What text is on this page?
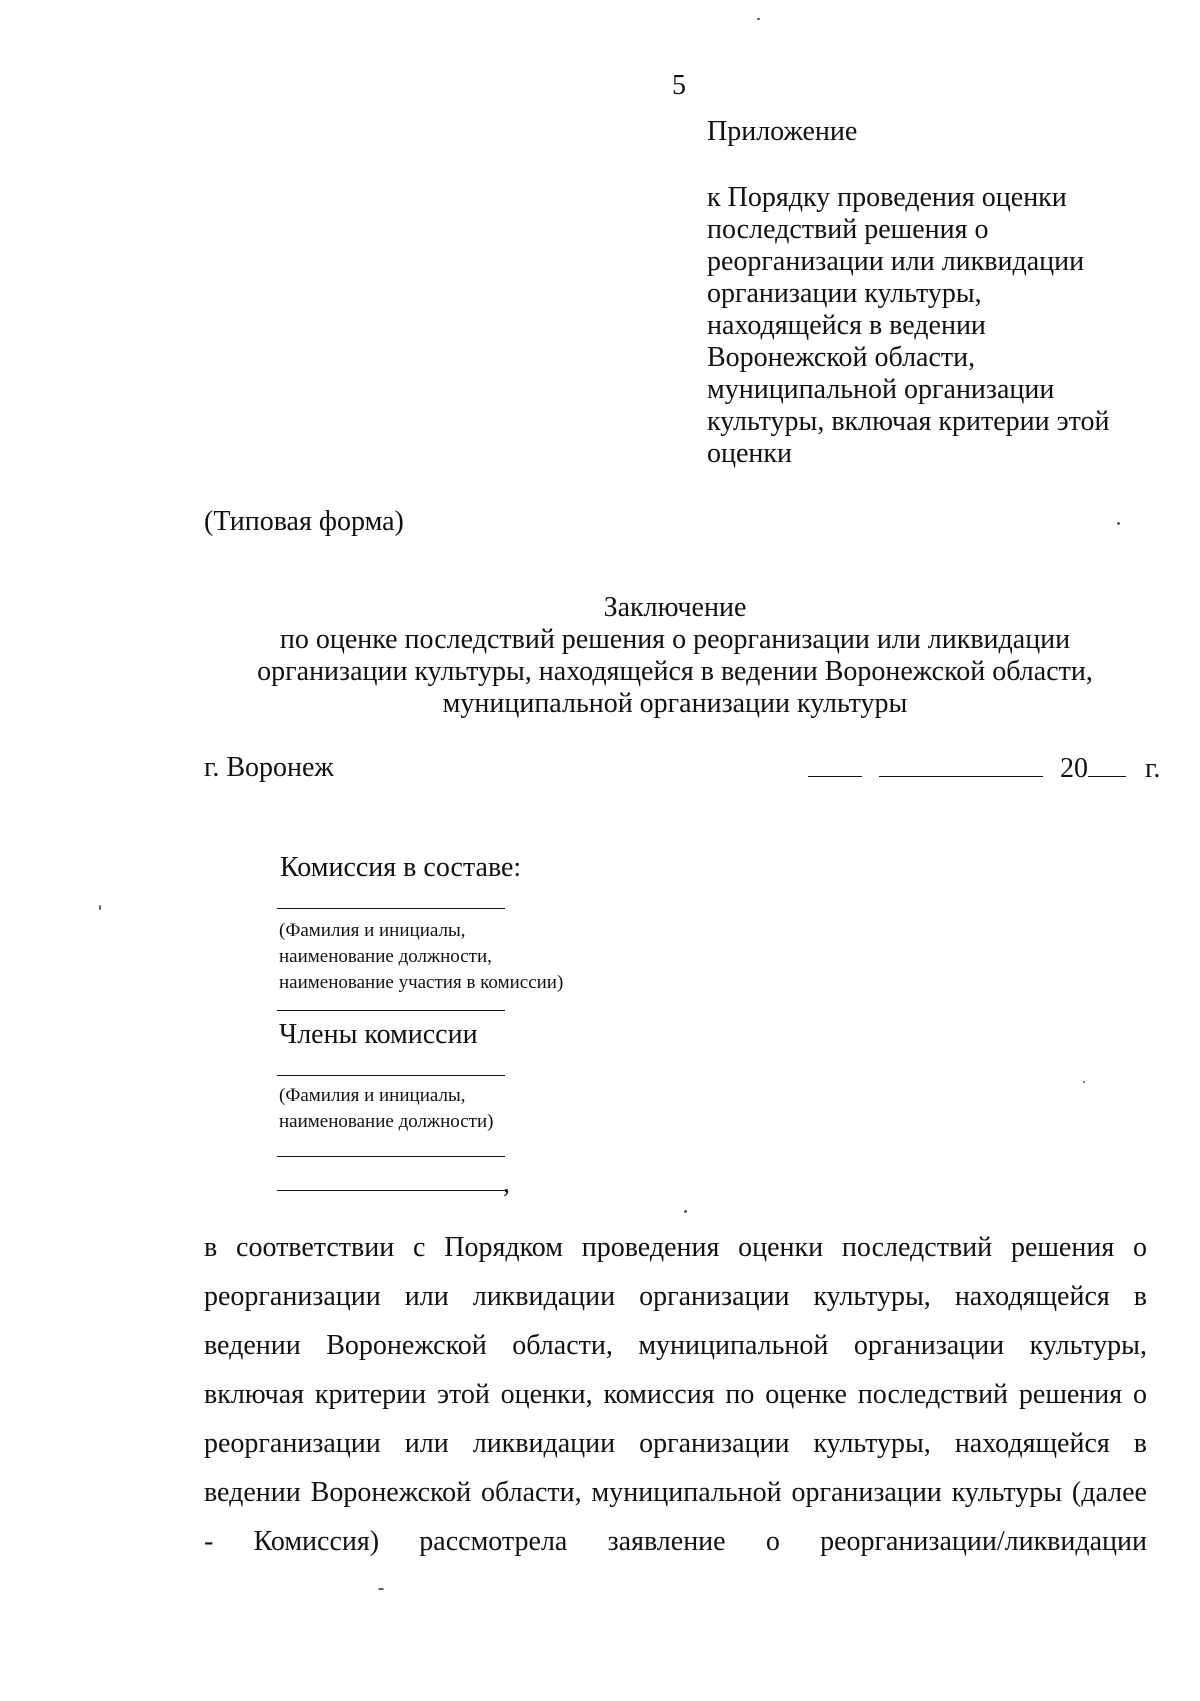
5
Приложение
к Порядку проведения оценки
последствий решения о
реорганизации или ликвидации
организации культуры,
находящейся в ведении
Воронежской области,
муниципальной организации
культуры, включая критерии этой
оценки
(Типовая форма)
Заключение
по оценке последствий решения о реорганизации или ликвидации
организации культуры, находящейся в ведении Воронежской области,
муниципальной организации культуры
г. Воронеж	20 г.
Комиссия в составе:
(Фамилия и инициалы,
наименование должности,
наименование участия в комиссии)
Члены комиссии
(Фамилия и инициалы,
наименование должности)
,
в соответствии с Порядком проведения оценки последствий решения о
реорганизации или ликвидации организации культуры, находящейся в
ведении Воронежской области, муниципальной организации культуры,
включая критерии этой оценки, комиссия по оценке последствий решения о
реорганизации или ликвидации организации культуры, находящейся в
ведении Воронежской области, муниципальной организации культуры (далее
- Комиссия) рассмотрела заявление о реорганизации/ликвидации
